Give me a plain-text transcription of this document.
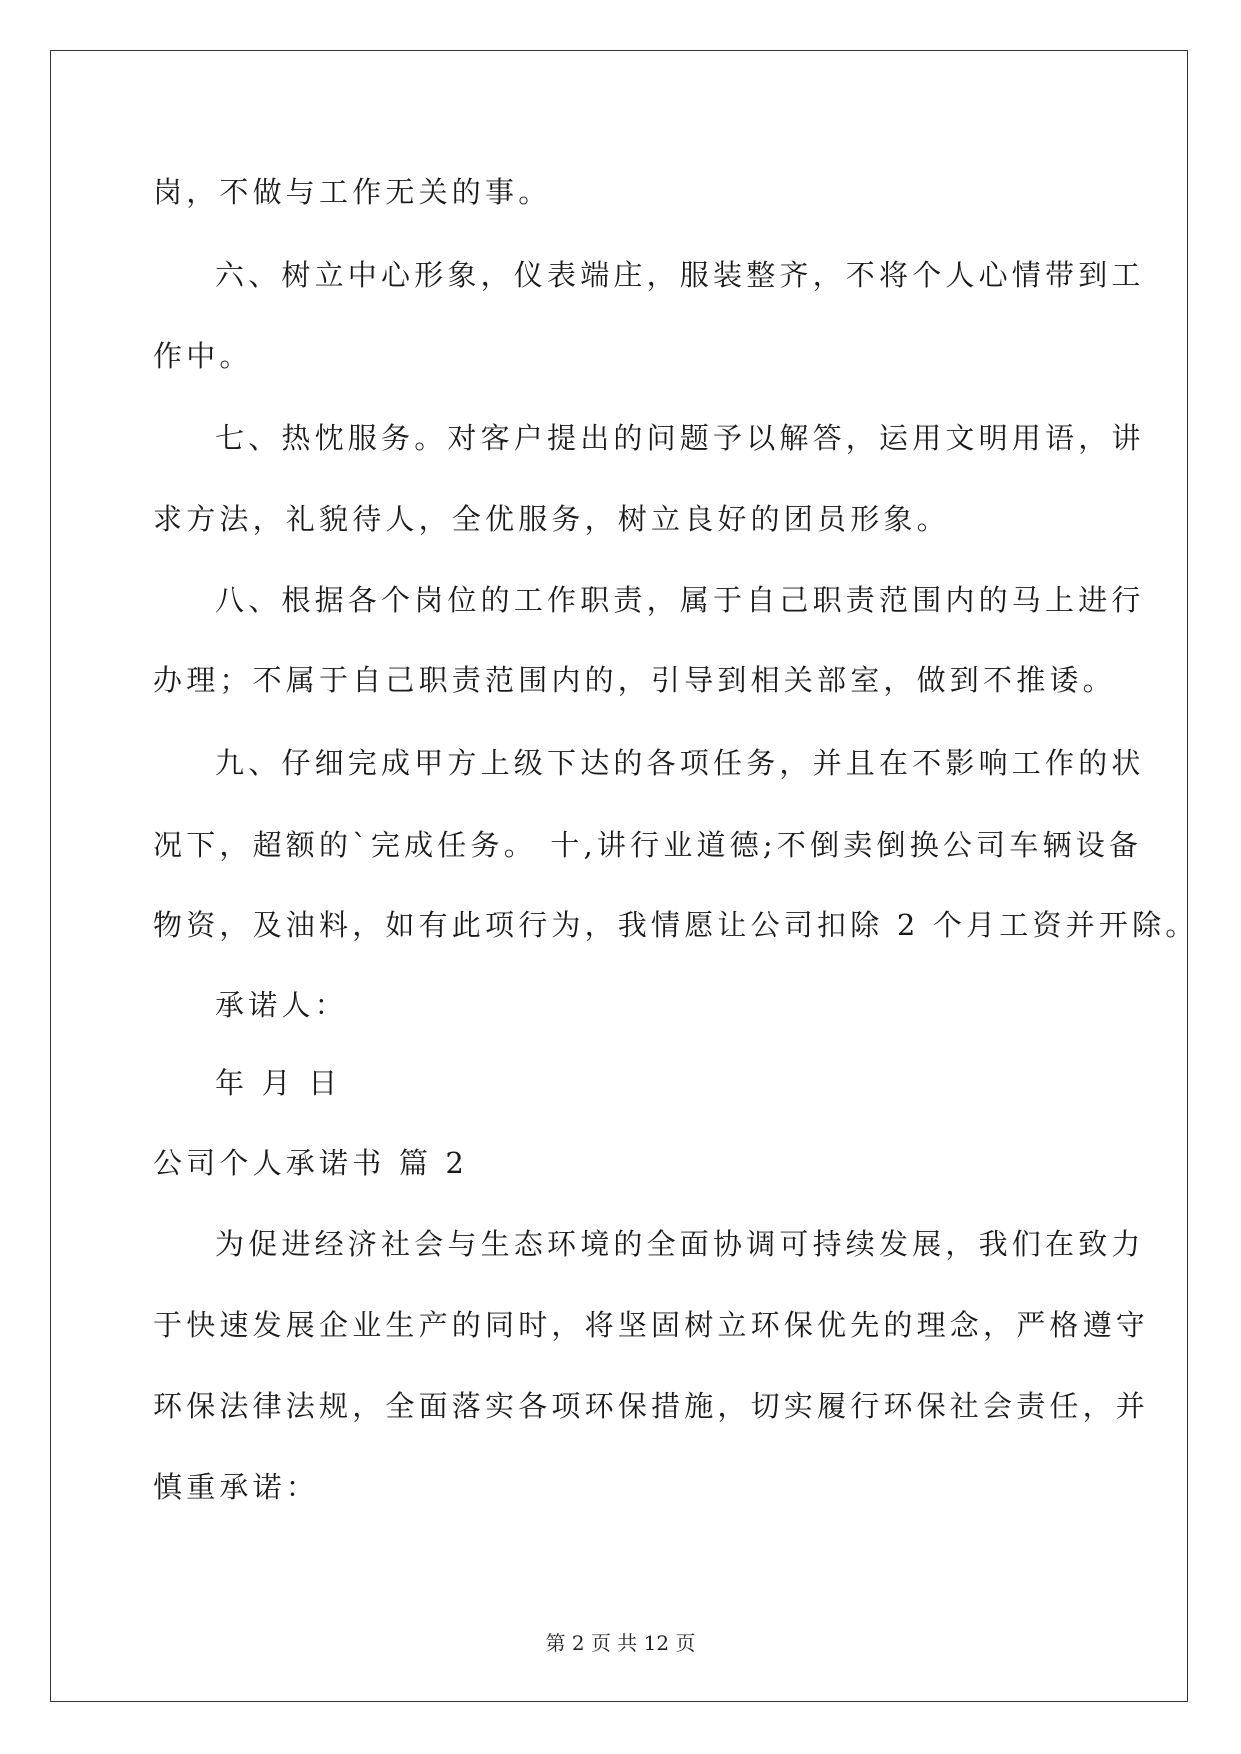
岗，不做与工作无关的事。
六、树立中心形象，仪表端庄，服装整齐，不将个人心情带到工
作中。
七、热忱服务。对客户提出的问题予以解答，运用文明用语，讲
求方法，礼貌待人，全优服务，树立良好的团员形象。
八、根据各个岗位的工作职责，属于自己职责范围内的马上进行
办理；不属于自己职责范围内的，引导到相关部室，做到不推诿。
九、仔细完成甲方上级下达的各项任务，并且在不影响工作的状
况下，超额的`完成任务。 十,讲行业道德;不倒卖倒换公司车辆设备
物资，及油料，如有此项行为，我情愿让公司扣除 2 个月工资并开除。
承诺人：
年 月 日
公司个人承诺书 篇 2
为促进经济社会与生态环境的全面协调可持续发展，我们在致力
于快速发展企业生产的同时，将坚固树立环保优先的理念，严格遵守
环保法律法规，全面落实各项环保措施，切实履行环保社会责任，并
慎重承诺：
第 2 页 共 12 页
